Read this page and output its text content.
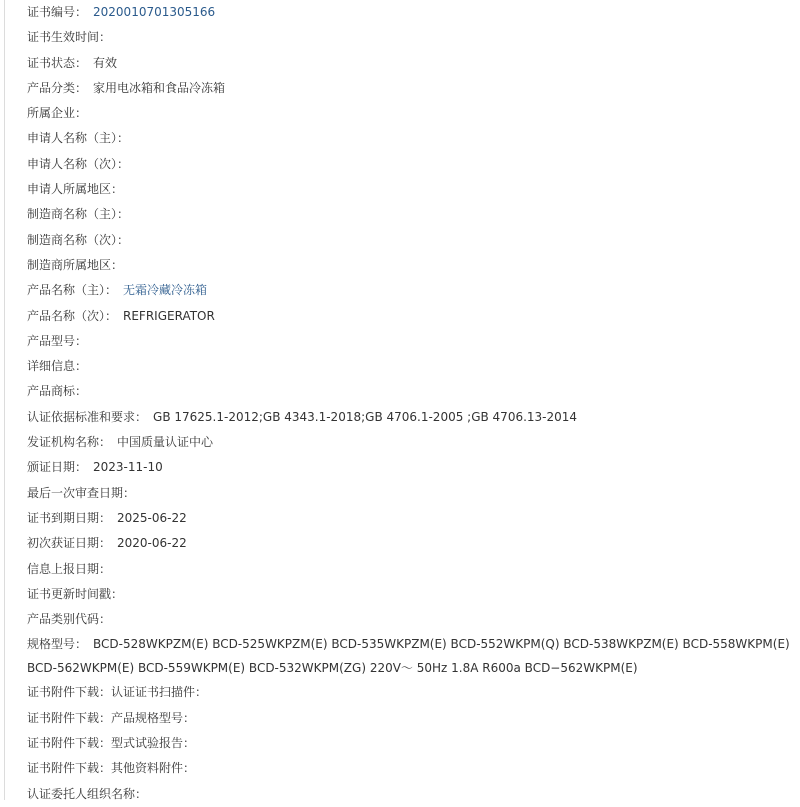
证书编号： 2020010701305166
证书生效时间：
证书状态： 有效
产品分类： 家用电冰箱和食品冷冻箱
所属企业：
申请人名称（主）：
申请人名称（次）：
申请人所属地区：
制造商名称（主）：
制造商名称（次）：
制造商所属地区：
产品名称（主）： 无霜冷藏冷冻箱
产品名称（次）： REFRIGERATOR
产品型号：
详细信息：
产品商标：
认证依据标准和要求： GB 17625.1-2012;GB 4343.1-2018;GB 4706.1-2005 ;GB 4706.13-2014
发证机构名称： 中国质量认证中心
颁证日期： 2023-11-10
最后一次审查日期：
证书到期日期： 2025-06-22
初次获证日期： 2020-06-22
信息上报日期：
证书更新时间戳：
产品类别代码：
规格型号： BCD-528WKPZM(E) BCD-525WKPZM(E) BCD-535WKPZM(E) BCD-552WKPM(Q) BCD-538WKPZM(E) BCD-558WKPM(E) BCD-562WKPM(E) BCD-559WKPM(E) BCD-532WKPM(ZG) 220V～ 50Hz 1.8A R600a BCD−562WKPM(E)
证书附件下载：认证证书扫描件：
证书附件下载：产品规格型号：
证书附件下载：型式试验报告：
证书附件下载：其他资料附件：
认证委托人组织名称：
